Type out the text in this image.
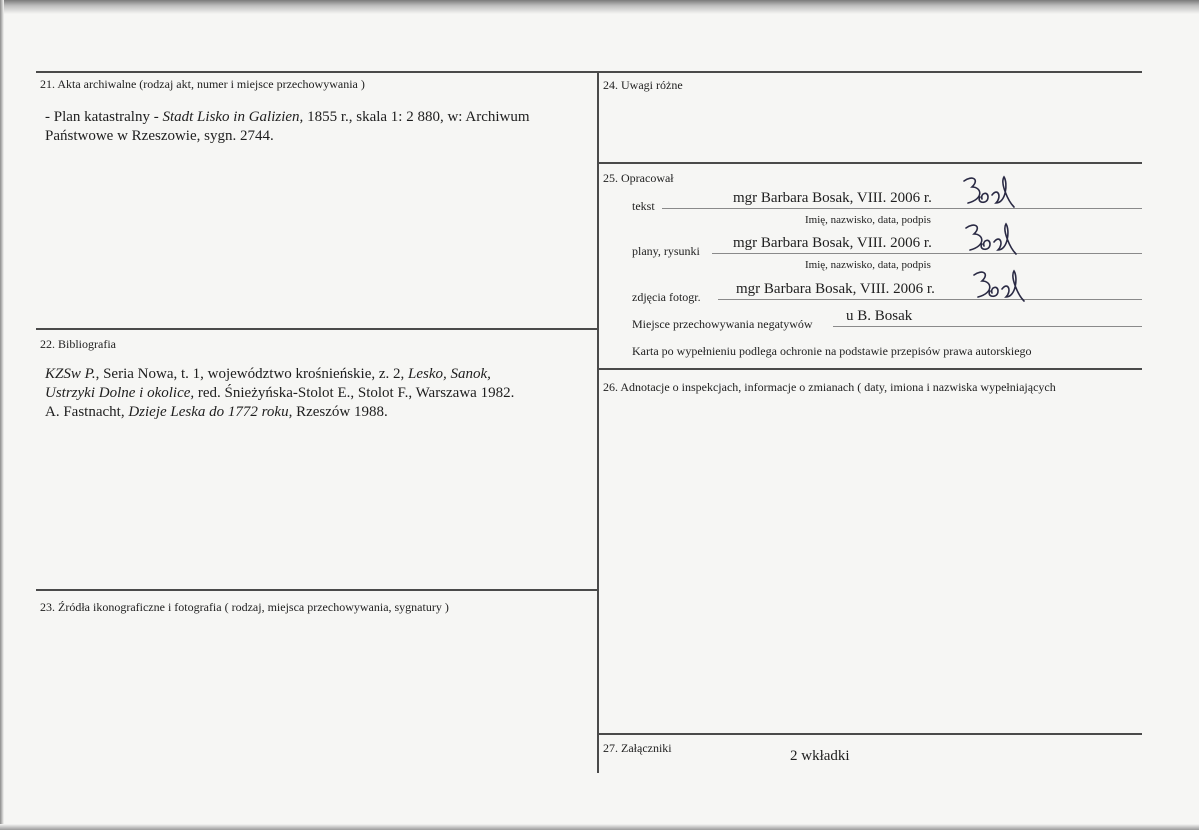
21. Akta archiwalne (rodzaj akt, numer i miejsce przechowywania )
- Plan katastralny - Stadt Lisko in Galizien, 1855 r., skala 1: 2 880, w: Archiwum
Państwowe w Rzeszowie, sygn. 2744.
22. Bibliografia
KZSw P., Seria Nowa, t. 1, województwo krośnieńskie, z. 2, Lesko, Sanok,
Ustrzyki Dolne i okolice, red. Śnieżyńska-Stolot E., Stolot F., Warszawa 1982.
A. Fastnacht, Dzieje Leska do 1772 roku, Rzeszów 1988.
23. Źródła ikonograficzne i fotografia ( rodzaj, miejsca przechowywania, sygnatury )
24. Uwagi różne
25. Opracował
tekst	mgr Barbara Bosak, VIII. 2006 r.
Imię, nazwisko, data, podpis
plany, rysunki mgr Barbara Bosak, VIII. 2006 r.
Imię, nazwisko, data, podpis
zdjęcia fotogr. mgr Barbara Bosak, VIII. 2006 r.
Miejsce przechowywania negatywów u B. Bosak
Karta po wypełnieniu podlega ochronie na podstawie przepisów prawa autorskiego
26. Adnotacje o inspekcjach, informacje o zmianach ( daty, imiona i nazwiska wypełniających
27. Załączniki	2 wkładki
